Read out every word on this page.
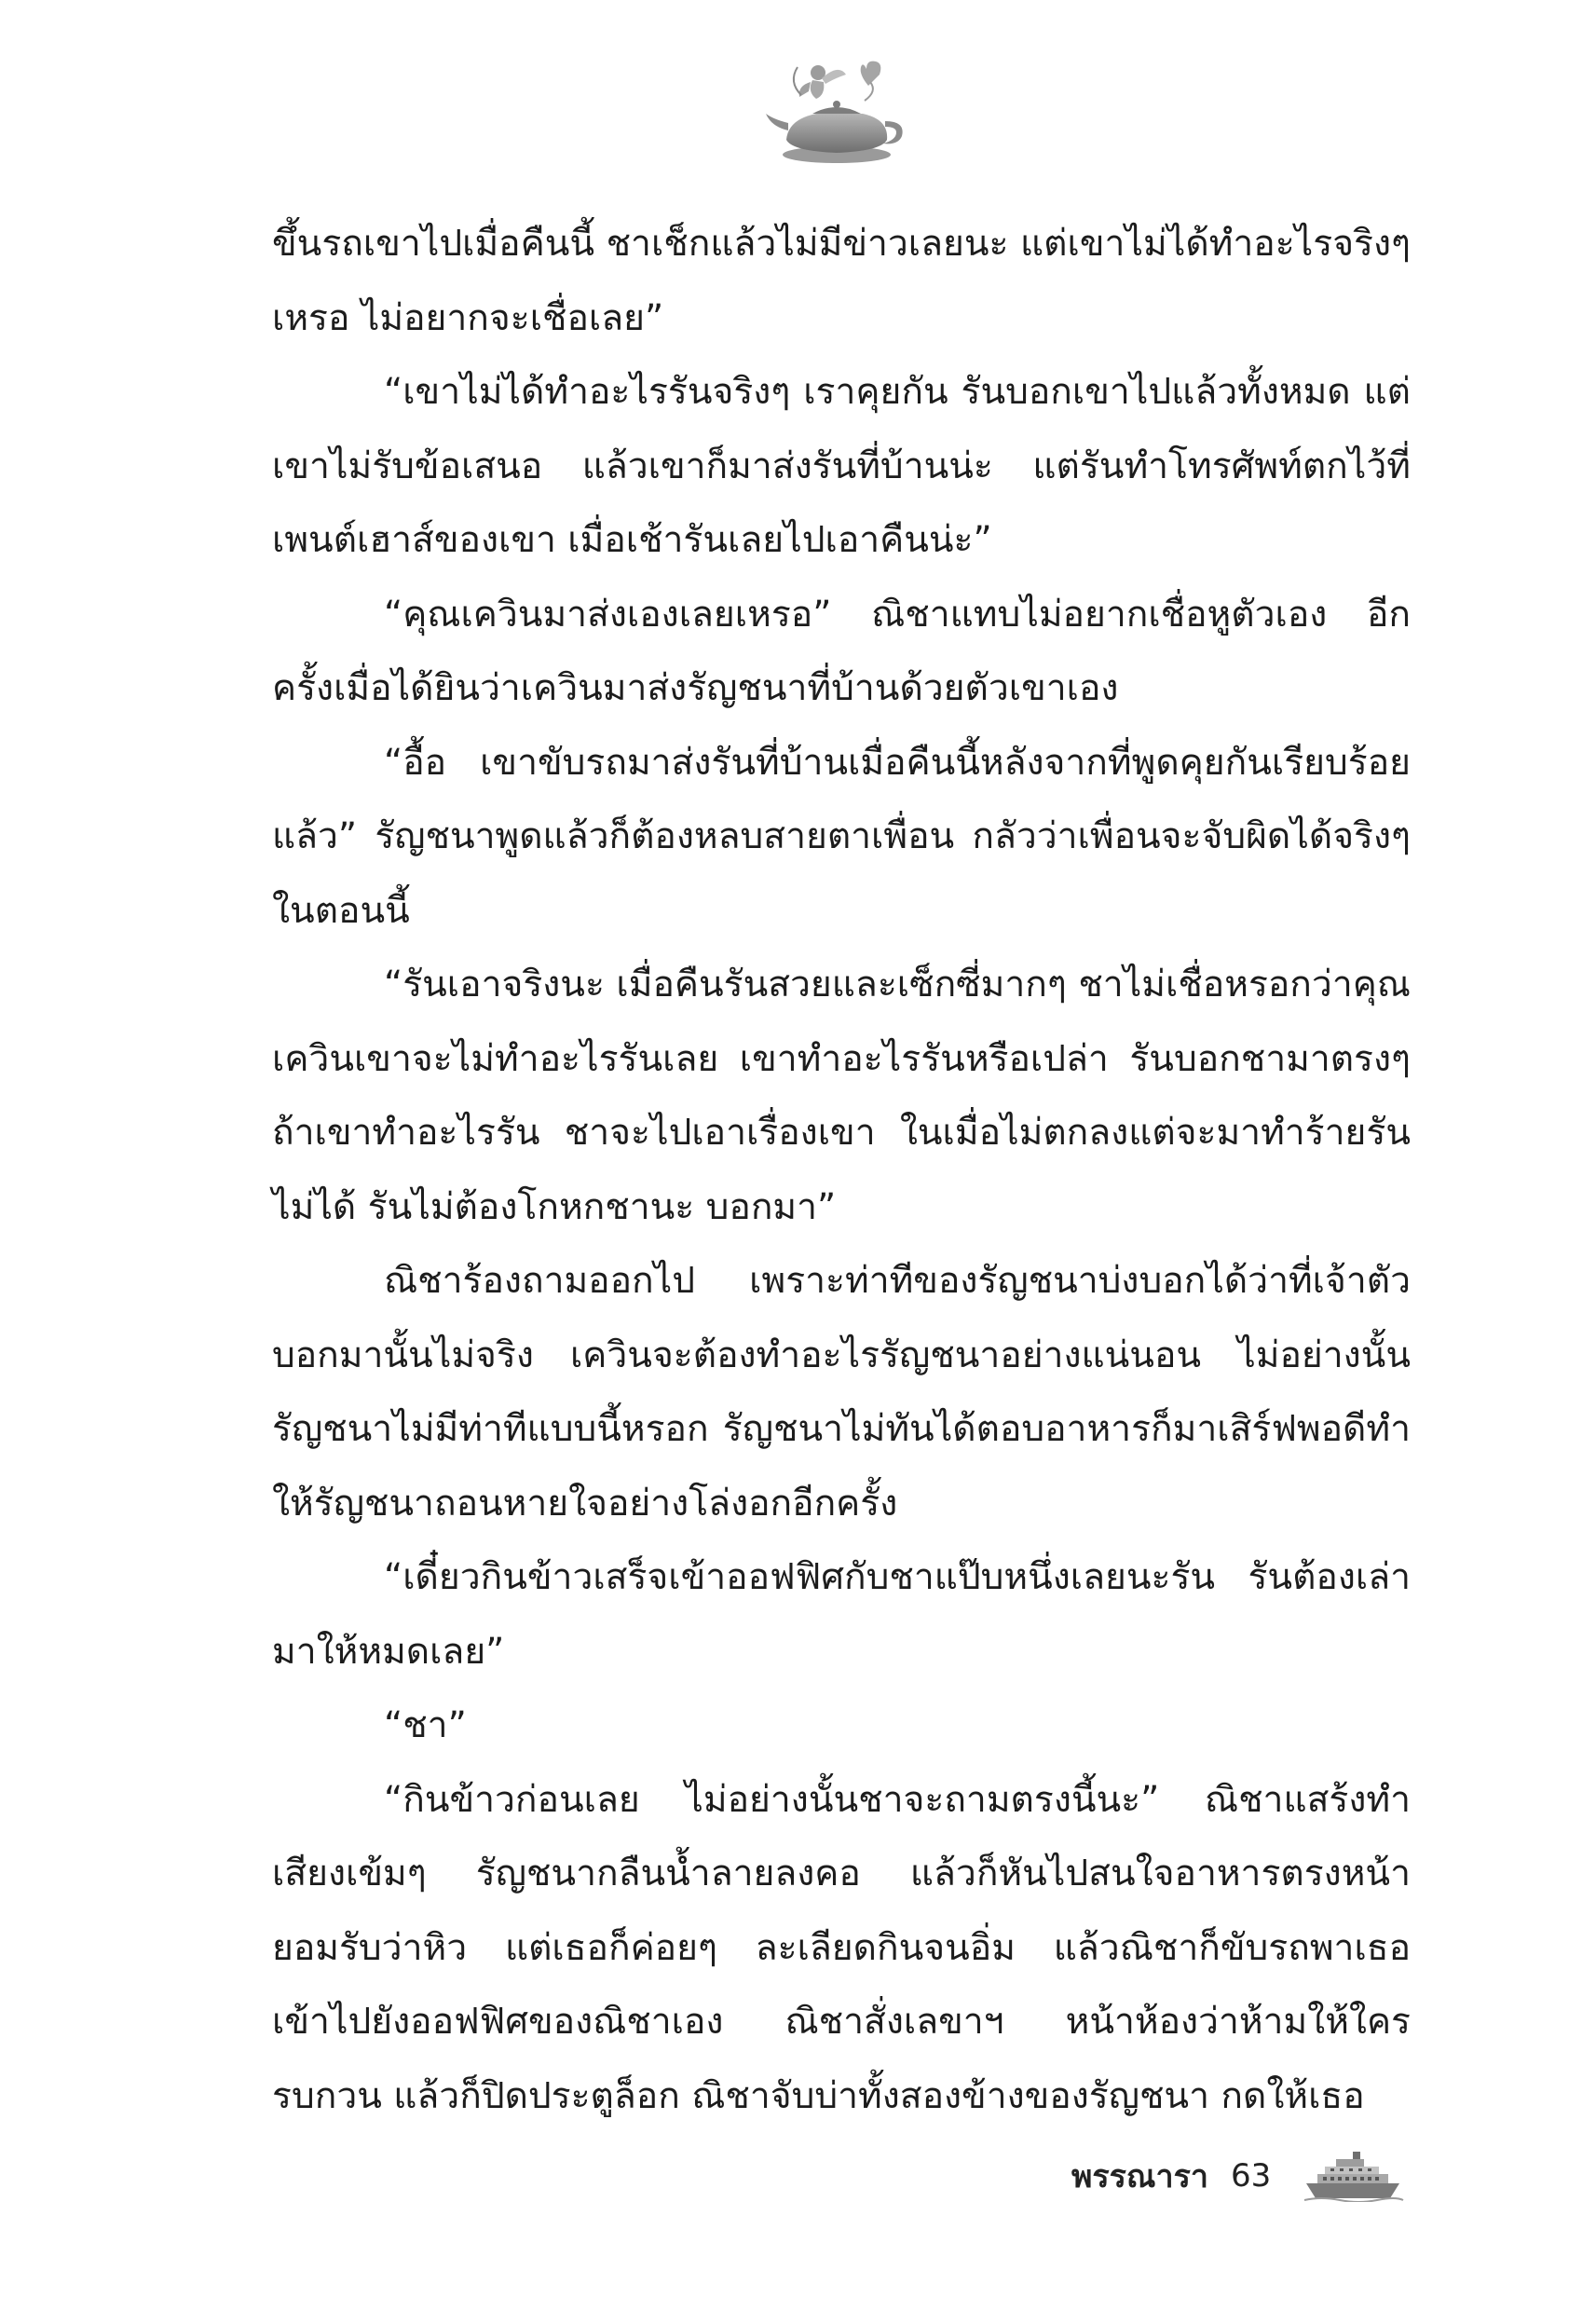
ขึ้นรถเขาไปเมื่อคืนนี้ ชาเช็กแล้วไม่มีข่าวเลยนะ แต่เขาไม่ได้ทำอะไรจริงๆ เหรอ ไม่อยากจะเชื่อเลย”

“เขาไม่ได้ทำอะไรรันจริงๆ เราคุยกัน รันบอกเขาไปแล้วทั้งหมด แต่เขาไม่รับข้อเสนอ แล้วเขาก็มาส่งรันที่บ้านน่ะ แต่รันทำโทรศัพท์ตกไว้ที่เพนต์เฮาส์ของเขา เมื่อเช้ารันเลยไปเอาคืนน่ะ”

“คุณเควินมาส่งเองเลยเหรอ” ณิชาแทบไม่อยากเชื่อหูตัวเอง อีกครั้งเมื่อได้ยินว่าเควินมาส่งรัญชนาที่บ้านด้วยตัวเขาเอง

“อื้อ เขาขับรถมาส่งรันที่บ้านเมื่อคืนนี้หลังจากที่พูดคุยกันเรียบร้อยแล้ว” รัญชนาพูดแล้วก็ต้องหลบสายตาเพื่อน กลัวว่าเพื่อนจะจับผิดได้จริงๆ ในตอนนี้

“รันเอาจริงนะ เมื่อคืนรันสวยและเซ็กซี่มากๆ ชาไม่เชื่อหรอกว่าคุณเควินเขาจะไม่ทำอะไรรันเลย เขาทำอะไรรันหรือเปล่า รันบอกชามาตรงๆ ถ้าเขาทำอะไรรัน ชาจะไปเอาเรื่องเขา ในเมื่อไม่ตกลงแต่จะมาทำร้ายรันไม่ได้ รันไม่ต้องโกหกชานะ บอกมา”

ณิชาร้องถามออกไป เพราะท่าทีของรัญชนาบ่งบอกได้ว่าที่เจ้าตัวบอกมานั้นไม่จริง เควินจะต้องทำอะไรรัญชนาอย่างแน่นอน ไม่อย่างนั้นรัญชนาไม่มีท่าทีแบบนี้หรอก รัญชนาไม่ทันได้ตอบอาหารก็มาเสิร์ฟพอดีทำให้รัญชนาถอนหายใจอย่างโล่งอกอีกครั้ง

“เดี๋ยวกินข้าวเสร็จเข้าออฟฟิศกับชาแป๊บหนึ่งเลยนะรัน รันต้องเล่ามาให้หมดเลย”

“ชา”

“กินข้าวก่อนเลย ไม่อย่างนั้นชาจะถามตรงนี้นะ” ณิชาแสร้งทำเสียงเข้มๆ รัญชนากลืนน้ำลายลงคอ แล้วก็หันไปสนใจอาหารตรงหน้ายอมรับว่าหิว แต่เธอก็ค่อยๆ ละเลียดกินจนอิ่ม แล้วณิชาก็ขับรถพาเธอเข้าไปยังออฟฟิศของณิชาเอง ณิชาสั่งเลขาฯ หน้าห้องว่าห้ามให้ใครรบกวน แล้วก็ปิดประตูล็อก ณิชาจับบ่าทั้งสองข้างของรัญชนา กดให้เธอ

พรรณารา 63
